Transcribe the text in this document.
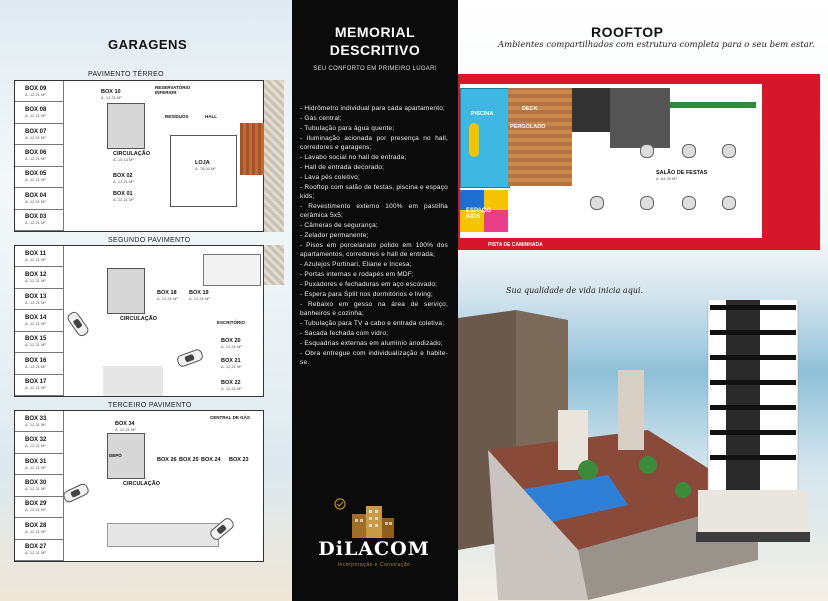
GARAGENS
PAVIMENTO TÉRREO
BOX 09
A. 12,21 M²
BOX 08
A. 12,21 M²
BOX 07
A. 12,21 M²
BOX 06
A. 12,21 M²
BOX 05
A. 12,21 M²
BOX 04
A. 12,21 M²
BOX 03
A. 12,21 M²
BOX 10
A. 12,21 M²
RESERVATÓRIO INFERIOR
HALL
RESÍDUOS
CIRCULAÇÃO
A. 10,14 M²
BOX 02
A. 12,21 M²
BOX 01
A. 12,21 M²
LOJA
A. 76,00 M²
SEGUNDO PAVIMENTO
BOX 11
A. 12,21 M²
BOX 12
A. 12,21 M²
BOX 13
A. 12,21 M²
BOX 14
A. 12,21 M²
BOX 15
A. 12,21 M²
BOX 16
A. 12,21 M²
BOX 17
A. 12,21 M²
BOX 18
A. 12,21 M²
BOX 19
A. 12,21 M²
CIRCULAÇÃO
ESCRITÓRIO
BOX 20
A. 12,21 M²
BOX 21
A. 12,21 M²
BOX 22
A. 12,21 M²
TERCEIRO PAVIMENTO
BOX 33
A. 12,21 M²
BOX 32
A. 12,21 M²
BOX 31
A. 12,21 M²
BOX 30
A. 12,21 M²
BOX 29
A. 12,21 M²
BOX 28
A. 12,21 M²
BOX 27
A. 12,21 M²
BOX 34
A. 12,21 M²
CENTRAL DE GÁS
DEPÓ
CIRCULAÇÃO
BOX 26 BOX 25 BOX 24 BOX 23
MEMORIAL
DESCRITIVO
SEU CONFORTO EM PRIMEIRO LUGAR!
- Hidrômetro individual para cada apartamento;
- Gás central;
- Tubulação para água quente;
- Iluminação acionada por presença no hall, corredores e garagens;
- Lavabo social no hall de entrada;
- Hall de entrada decorado;
- Lava pés coletivo;
- Rooftop com salão de festas, piscina e espaço kids;
- Revestimento externo 100% em pastilha cerâmica 5x5;
- Câmeras de segurança;
- Zelador permanente;
- Pisos em porcelanato polido em 100% dos apartamentos, corredores e hall de entrada;
- Azulejos Portinari, Eliane e Incesa;
- Portas internas e rodapés em MDF;
- Puxadores e fechaduras em aço escovado;
- Espera para Split nos dormitórios e living;
- Rebaixo em gesso na área de serviço, banheiros e cozinha;
- Tubulação para TV a cabo e entrada coletiva;
- Sacada fechada com vidro;
- Esquadrias externas em alumínio anodizado;
- Obra entregue com individualização e habite-se.
DiLACOM
Incorporação e Construção
ROOFTOP
Ambientes compartilhados com estrutura completa para o seu bem estar.
PISCINA
DECK
PERGOLADO
ESPAÇO
KIDS
SALÃO DE FESTAS
A. 64,35 M²
PISTA DE CAMINHADA
Sua qualidade de vida inicia aqui.
